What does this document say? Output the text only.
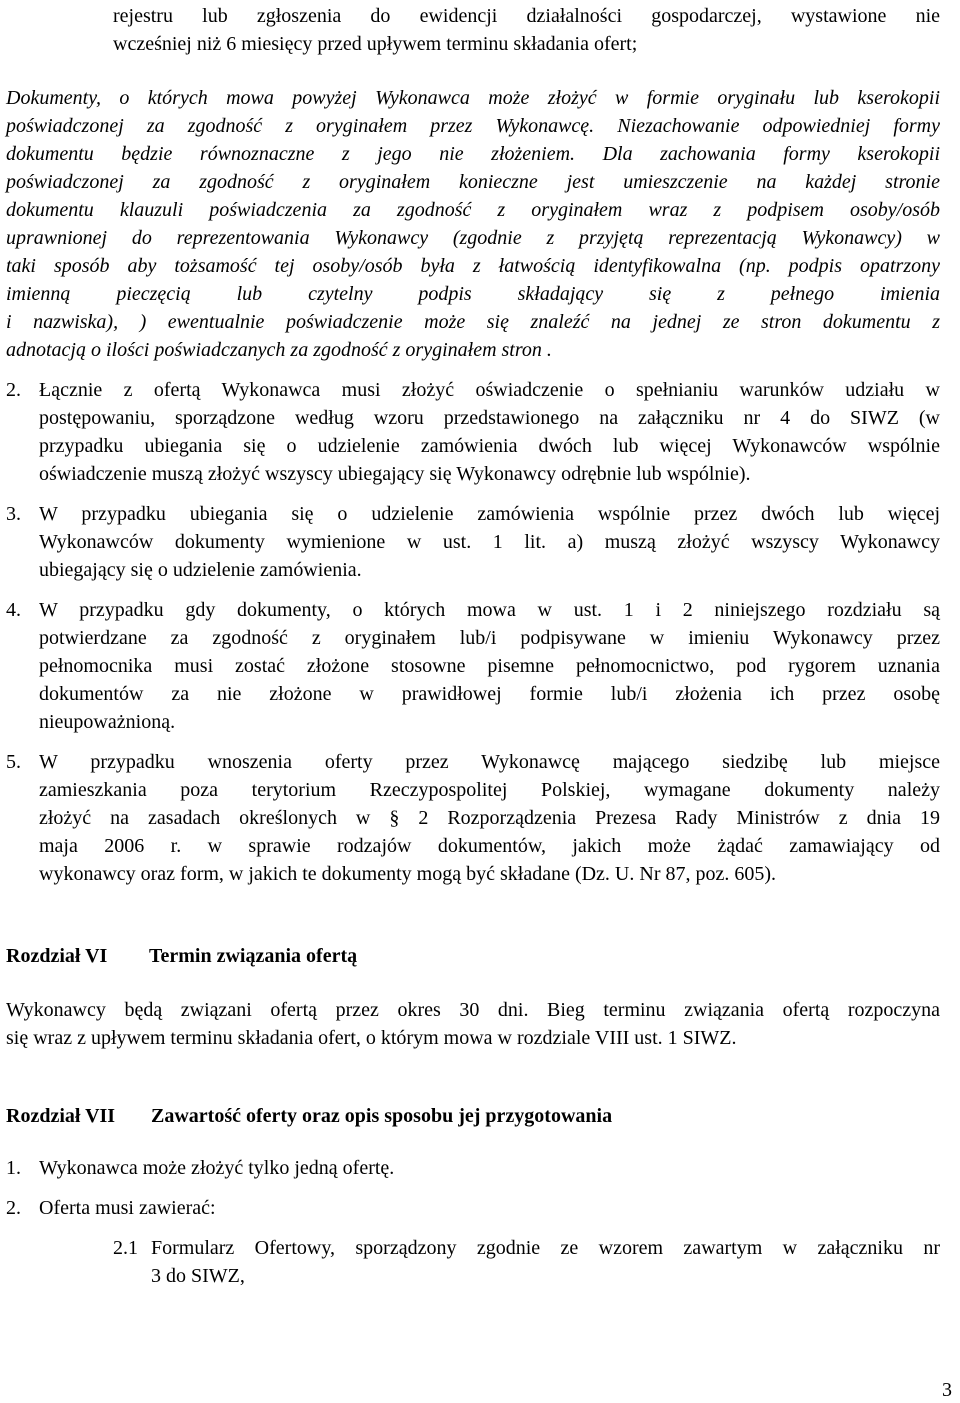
rejestru lub zgłoszenia do ewidencji działalności gospodarczej, wystawione nie
wcześniej niż 6 miesięcy przed upływem terminu składania ofert;
Dokumenty, o których mowa powyżej Wykonawca może złożyć w formie oryginału lub kserokopii
poświadczonej za zgodność z oryginałem przez Wykonawcę. Niezachowanie odpowiedniej formy
dokumentu będzie równoznaczne z jego nie złożeniem. Dla zachowania formy kserokopii
poświadczonej za zgodność z oryginałem konieczne jest umieszczenie na każdej stronie
dokumentu klauzuli poświadczenia za zgodność z oryginałem wraz z podpisem osoby/osób
uprawnionej do reprezentowania Wykonawcy (zgodnie z przyjętą reprezentacją Wykonawcy) w
taki sposób aby tożsamość tej osoby/osób była z łatwością identyfikowalna (np. podpis opatrzony
imienną pieczęcią lub czytelny podpis składający się z pełnego imienia
i nazwiska), ) ewentualnie poświadczenie może się znaleźć na jednej ze stron dokumentu z
adnotacją o ilości poświadczanych za zgodność z oryginałem stron .
2. Łącznie z ofertą Wykonawca musi złożyć oświadczenie o spełnianiu warunków udziału w
postępowaniu, sporządzone według wzoru przedstawionego na załączniku nr 4 do SIWZ (w
przypadku ubiegania się o udzielenie zamówienia dwóch lub więcej Wykonawców wspólnie
oświadczenie muszą złożyć wszyscy ubiegający się Wykonawcy odrębnie lub wspólnie).
3. W przypadku ubiegania się o udzielenie zamówienia wspólnie przez dwóch lub więcej
Wykonawców dokumenty wymienione w ust. 1 lit. a) muszą złożyć wszyscy Wykonawcy
ubiegający się o udzielenie zamówienia.
4. W przypadku gdy dokumenty, o których mowa w ust. 1 i 2 niniejszego rozdziału są
potwierdzane za zgodność z oryginałem lub/i podpisywane w imieniu Wykonawcy przez
pełnomocnika musi zostać złożone stosowne pisemne pełnomocnictwo, pod rygorem uznania
dokumentów za nie złożone w prawidłowej formie lub/i złożenia ich przez osobę
nieupoważnioną.
5. W przypadku wnoszenia oferty przez Wykonawcę mającego siedzibę lub miejsce
zamieszkania poza terytorium Rzeczypospolitej Polskiej, wymagane dokumenty należy
złożyć na zasadach określonych w § 2 Rozporządzenia Prezesa Rady Ministrów z dnia 19
maja 2006 r. w sprawie rodzajów dokumentów, jakich może żądać zamawiający od
wykonawcy oraz form, w jakich te dokumenty mogą być składane (Dz. U. Nr 87, poz. 605).
Rozdział VI Termin związania ofertą
Wykonawcy będą związani ofertą przez okres 30 dni. Bieg terminu związania ofertą rozpoczyna
się wraz z upływem terminu składania ofert, o którym mowa w rozdziale VIII ust. 1 SIWZ.
Rozdział VII Zawartość oferty oraz opis sposobu jej przygotowania
1. Wykonawca może złożyć tylko jedną ofertę.
2. Oferta musi zawierać:
2.1 Formularz Ofertowy, sporządzony zgodnie ze wzorem zawartym w załączniku nr
3 do SIWZ,
3
